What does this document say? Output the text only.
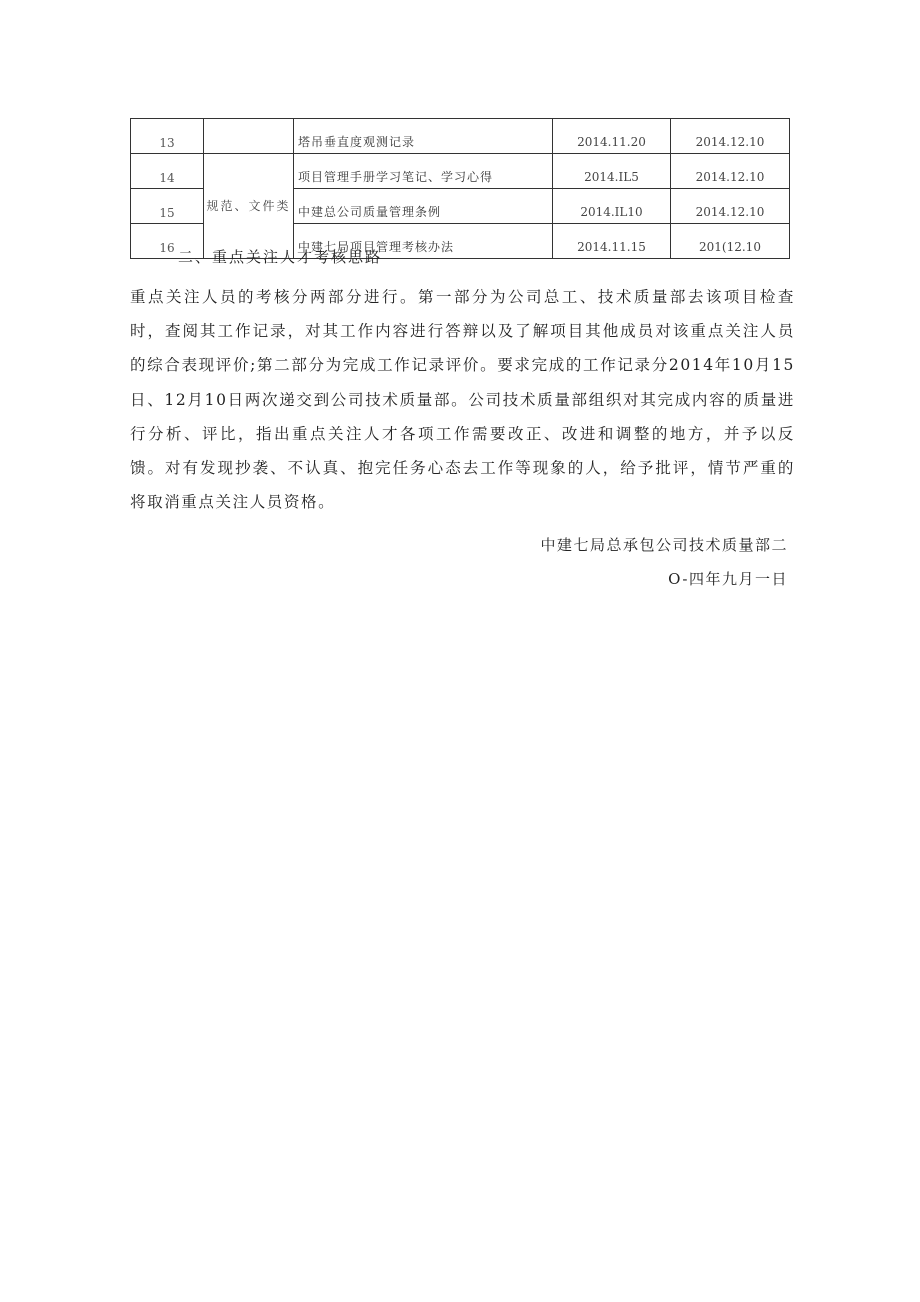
13		塔吊垂直度观测记录	2014.11.20	2014.12.10
14	规范、文件类	项目管理手册学习笔记、学习心得	2014.IL5	2014.12.10
15		中建总公司质量管理条例	2014.IL10	2014.12.10
16		中建七局项目管理考核办法	2014.11.15	201(12.10
二、重点关注人才考核思路

重点关注人员的考核分两部分进行。第一部分为公司总工、技术质量部去该项目检查时，查阅其工作记录，对其工作内容进行答辩以及了解项目其他成员对该重点关注人员的综合表现评价;第二部分为完成工作记录评价。要求完成的工作记录分2014年10月15日、12月10日两次递交到公司技术质量部。公司技术质量部组织对其完成内容的质量进行分析、评比，指出重点关注人才各项工作需要改正、改进和调整的地方，并予以反馈。对有发现抄袭、不认真、抱完任务心态去工作等现象的人，给予批评，情节严重的将取消重点关注人员资格。

中建七局总承包公司技术质量部二

O-四年九月一日
